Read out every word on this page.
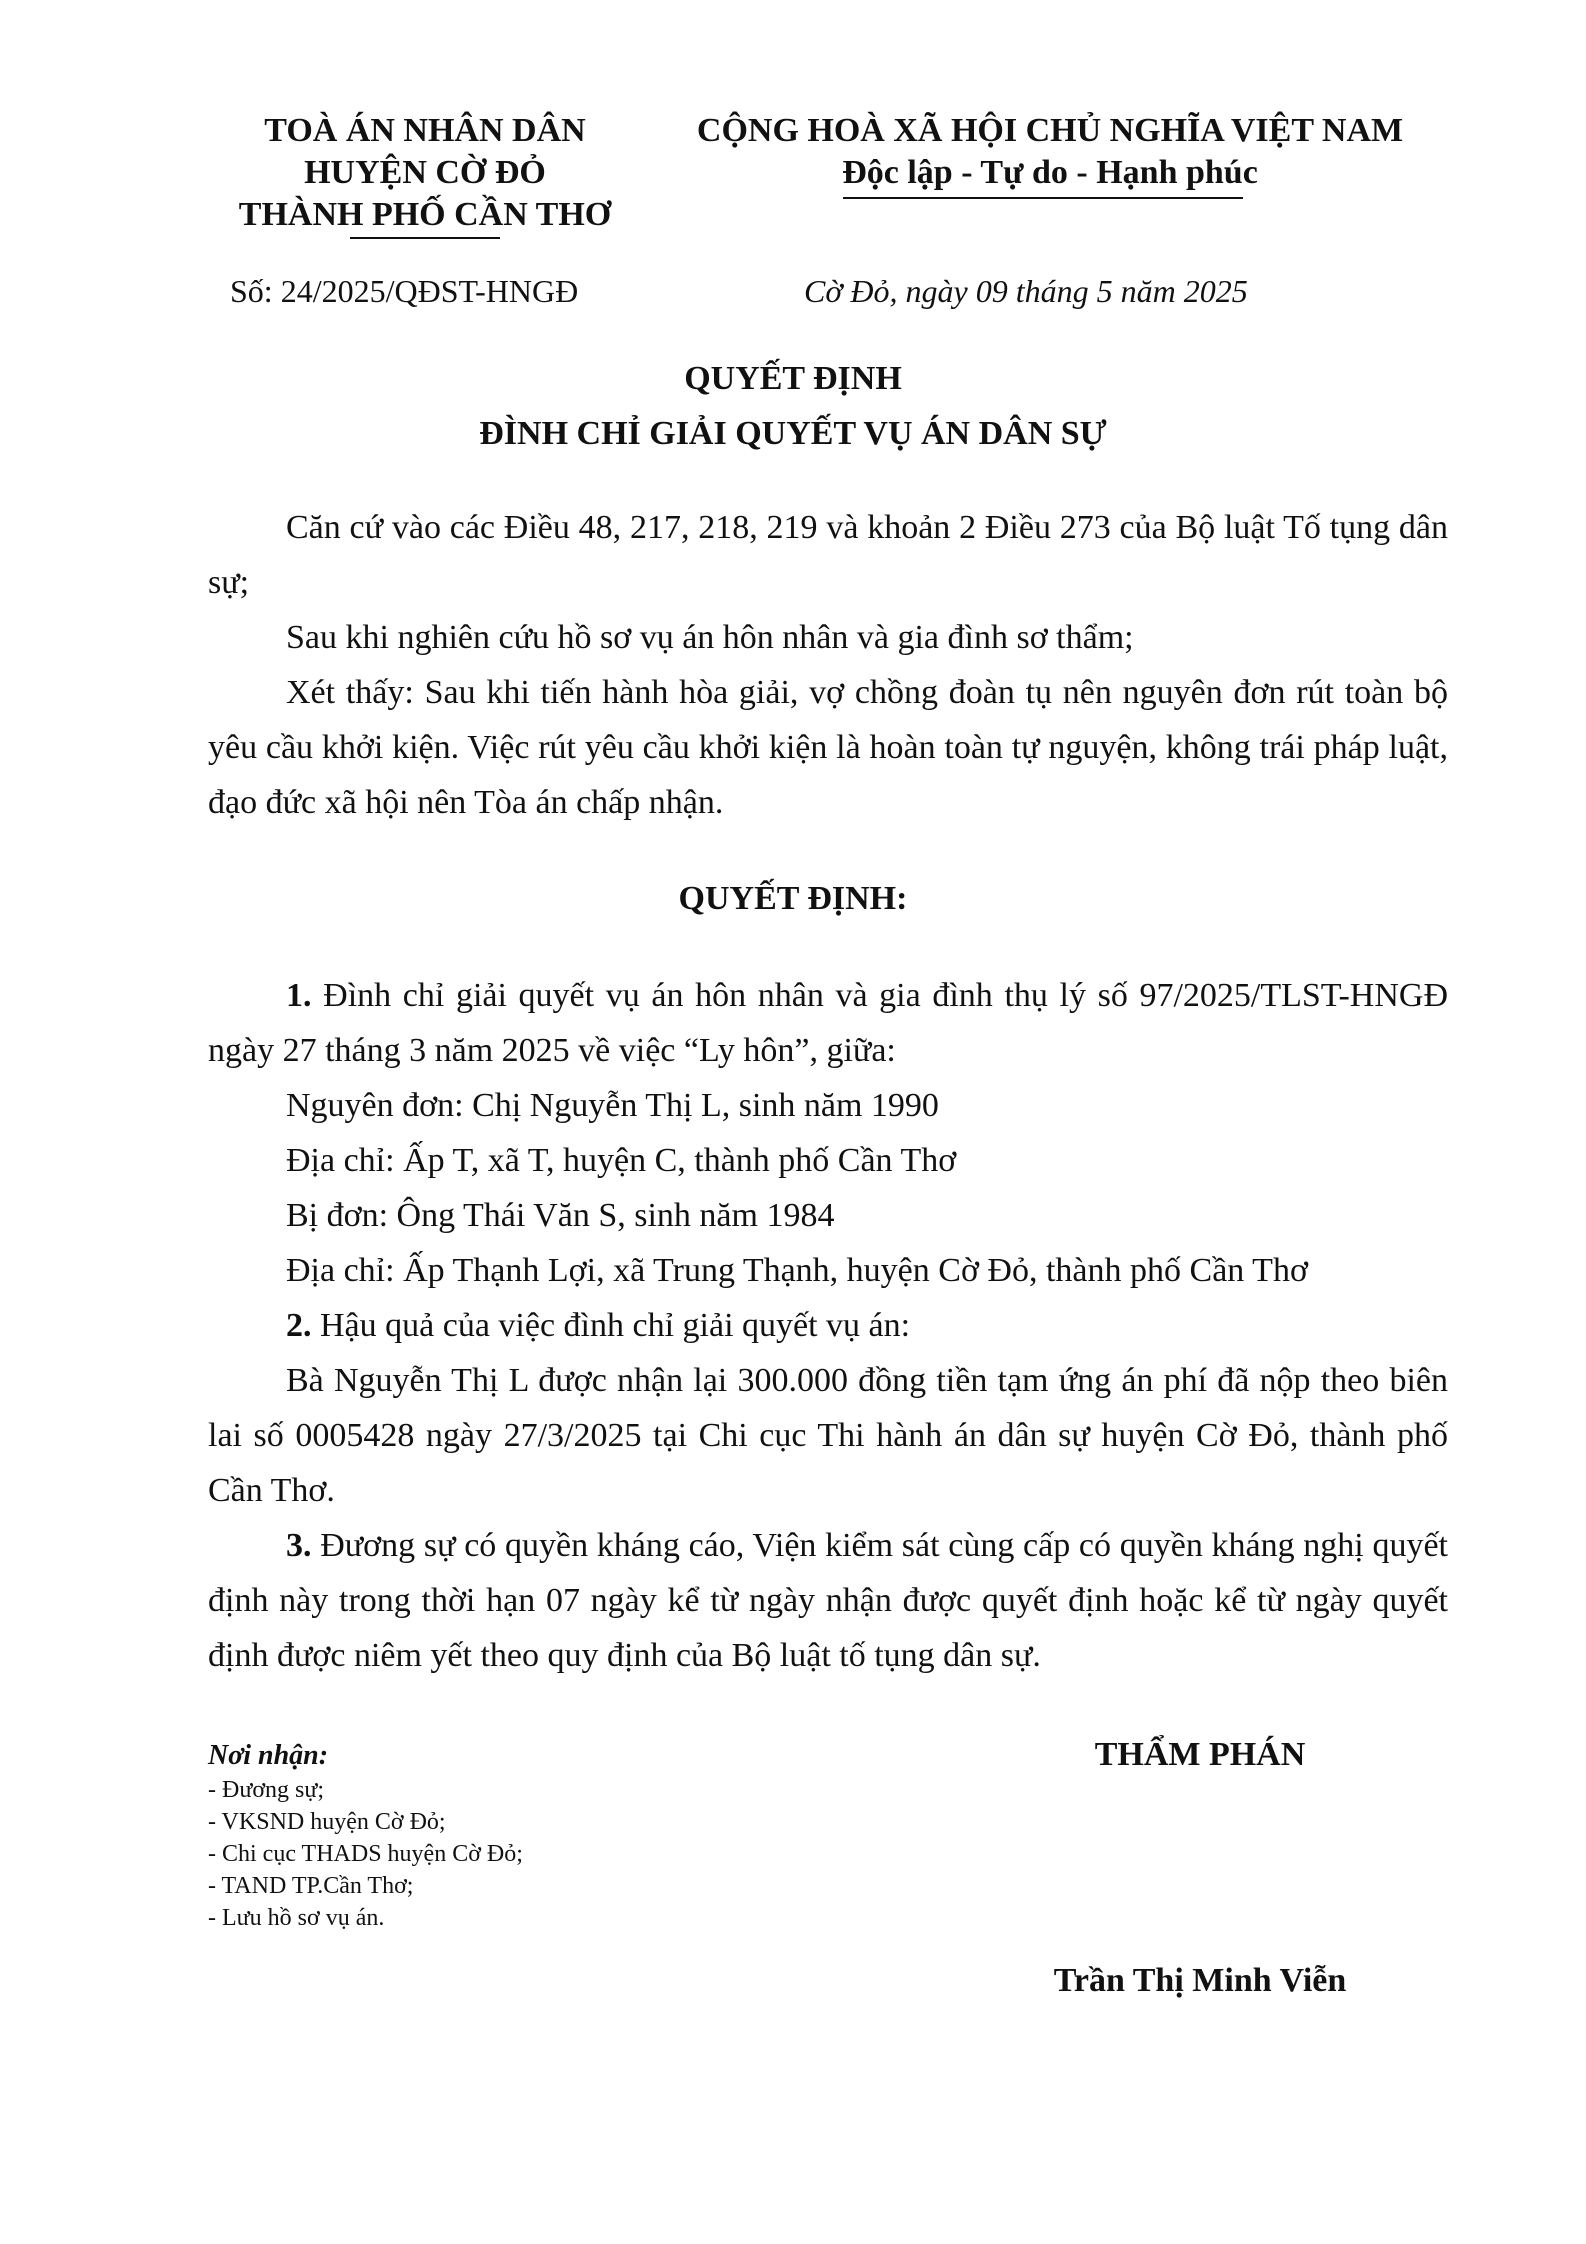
TOÀ ÁN NHÂN DÂN
HUYỆN CỜ ĐỎ
THÀNH PHỐ CẦN THƠ
CỘNG HOÀ XÃ HỘI CHỦ NGHĨA VIỆT NAM
Độc lập - Tự do - Hạnh phúc
Số: 24/2025/QĐST-HNGĐ	Cờ Đỏ, ngày 09 tháng 5 năm 2025
QUYẾT ĐỊNH
ĐÌNH CHỈ GIẢI QUYẾT VỤ ÁN DÂN SỰ

Căn cứ vào các Điều 48, 217, 218, 219 và khoản 2 Điều 273 của Bộ luật Tố tụng dân sự;

Sau khi nghiên cứu hồ sơ vụ án hôn nhân và gia đình sơ thẩm;

Xét thấy: Sau khi tiến hành hòa giải, vợ chồng đoàn tụ nên nguyên đơn rút toàn bộ yêu cầu khởi kiện. Việc rút yêu cầu khởi kiện là hoàn toàn tự nguyện, không trái pháp luật, đạo đức xã hội nên Tòa án chấp nhận.

QUYẾT ĐỊNH:

1. Đình chỉ giải quyết vụ án hôn nhân và gia đình thụ lý số 97/2025/TLST-HNGĐ ngày 27 tháng 3 năm 2025 về việc “Ly hôn”, giữa:

Nguyên đơn: Chị Nguyễn Thị L, sinh năm 1990

Địa chỉ: Ấp T, xã T, huyện C, thành phố Cần Thơ

Bị đơn: Ông Thái Văn S, sinh năm 1984

Địa chỉ: Ấp Thạnh Lợi, xã Trung Thạnh, huyện Cờ Đỏ, thành phố Cần Thơ

2. Hậu quả của việc đình chỉ giải quyết vụ án:

Bà Nguyễn Thị L được nhận lại 300.000 đồng tiền tạm ứng án phí đã nộp theo biên lai số 0005428 ngày 27/3/2025 tại Chi cục Thi hành án dân sự huyện Cờ Đỏ, thành phố Cần Thơ.

3. Đương sự có quyền kháng cáo, Viện kiểm sát cùng cấp có quyền kháng nghị quyết định này trong thời hạn 07 ngày kể từ ngày nhận được quyết định hoặc kể từ ngày quyết định được niêm yết theo quy định của Bộ luật tố tụng dân sự.

Nơi nhận:
- Đương sự;
- VKSND huyện Cờ Đỏ;
- Chi cục THADS huyện Cờ Đỏ;
- TAND TP.Cần Thơ;
- Lưu hồ sơ vụ án.
THẨM PHÁN
Trần Thị Minh Viễn
